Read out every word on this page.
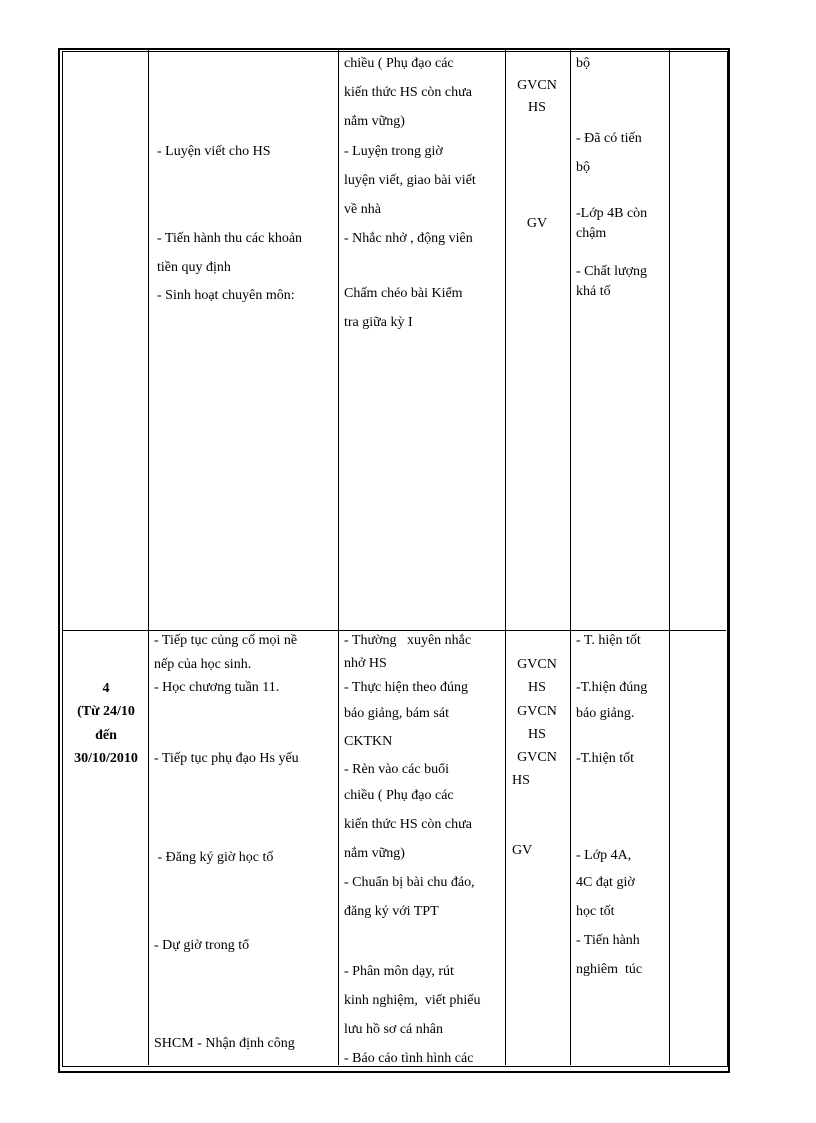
- Luyện viết cho HS
- Tiến hành thu các khoản
tiền quy định
- Sinh hoạt chuyên môn:
chiều ( Phụ đạo các
kiến thức HS còn chưa
nắm vững)
- Luyện trong giờ
luyện viết, giao bài viết
về nhà
- Nhắc nhở , động viên
Chấm chéo bài Kiểm
tra giữa kỳ I
GVCN
HS
GV
bộ
- Đã có tiến
bộ
-Lớp 4B còn
chậm
- Chất lượng
khá tố
4
(Từ 24/10
đến
30/10/2010
- Tiếp tục củng cố mọi nề
nếp của học sinh.
- Học chương tuần 11.
- Tiếp tục phụ đạo Hs yếu
- Đăng ký giờ học tố
- Dự giờ trong tổ
SHCM - Nhận định công
- Thường   xuyên nhắc
nhở HS
- Thực hiện theo đúng
báo giảng, bám sát
CKTKN
- Rèn vào các buổi
chiều ( Phụ đạo các
kiến thức HS còn chưa
nắm vững)
- Chuẩn bị bài chu đáo,
đăng ký với TPT
- Phân môn dạy, rút
kinh nghiệm,  viết phiếu
lưu hồ sơ cá nhân
- Báo cáo tình hình các
GVCN
HS
GVCN
HS
GVCN
HS
GV
- T. hiện tốt
-T.hiện đúng
báo giảng.
-T.hiện tốt
- Lớp 4A,
4C đạt giờ
học tốt
- Tiến hành
nghiêm  túc
